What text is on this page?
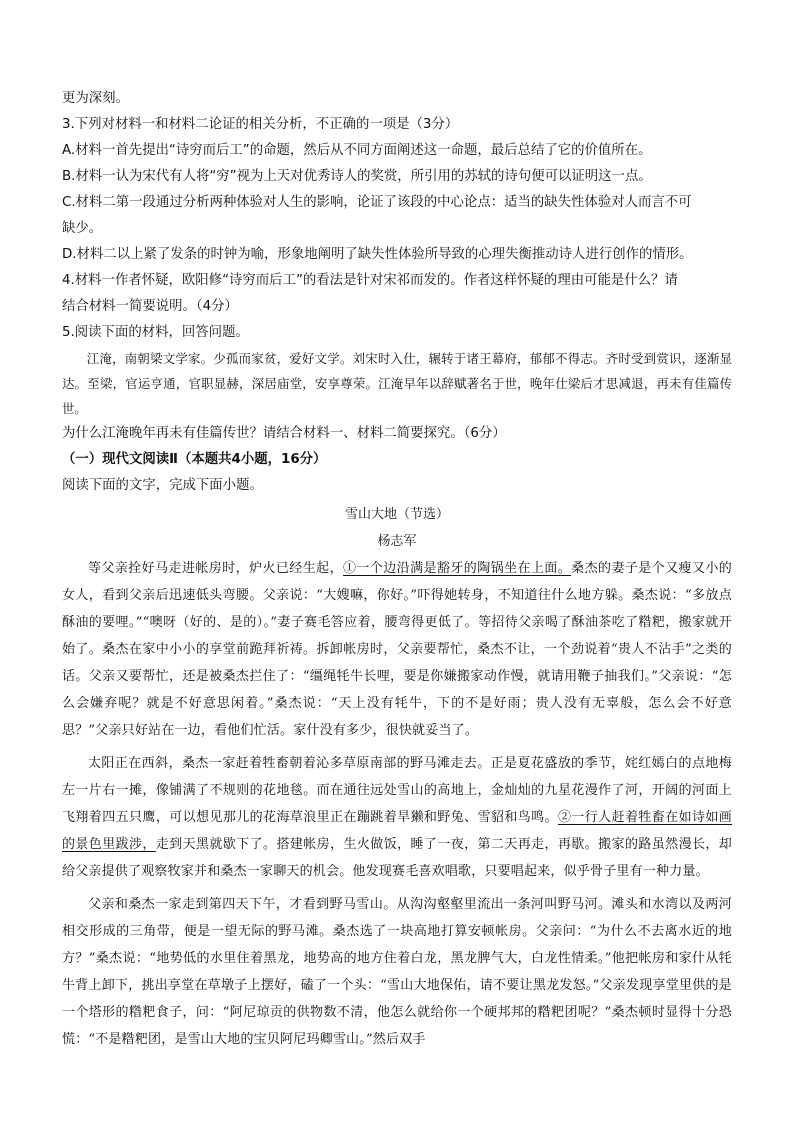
更为深刻。
3.下列对材料一和材料二论证的相关分析，不正确的一项是（3分）
A.材料一首先提出“诗穷而后工”的命题，然后从不同方面阐述这一命题，最后总结了它的价值所在。
B.材料一认为宋代有人将“穷”视为上天对优秀诗人的奖赏，所引用的苏轼的诗句便可以证明这一点。
C.材料二第一段通过分析两种体验对人生的影响，论证了该段的中心论点：适当的缺失性体验对人而言不可
缺少。
D.材料二以上紧了发条的时钟为喻，形象地阐明了缺失性体验所导致的心理失衡推动诗人进行创作的情形。
4.材料一作者怀疑，欧阳修“诗穷而后工”的看法是针对宋祁而发的。作者这样怀疑的理由可能是什么？请
结合材料一简要说明。（4分）
5.阅读下面的材料，回答问题。

江淹，南朝梁文学家。少孤而家贫，爱好文学。刘宋时入仕，辗转于诸王幕府，郁郁不得志。齐时受到赏识，逐渐显达。至梁，官运亨通，官职显赫，深居庙堂，安享尊荣。江淹早年以辞赋著名于世，晚年仕梁后才思减退，再未有佳篇传世。

为什么江淹晚年再未有佳篇传世？请结合材料一、材料二简要探究。（6分）
（一）现代文阅读Ⅱ（本题共4小题，16分）
阅读下面的文字，完成下面小题。
雪山大地（节选）
杨志军

等父亲拴好马走进帐房时，炉火已经生起，①一个边沿满是豁牙的陶锅坐在上面。桑杰的妻子是个又瘦又小的女人，看到父亲后迅速低头弯腰。父亲说：“大嫂嘛，你好。”吓得她转身，不知道往什么地方躲。桑杰说：“多放点酥油的要哩。”“噢呀（好的、是的）。”妻子赛毛答应着，腰弯得更低了。等招待父亲喝了酥油茶吃了糌粑，搬家就开始了。桑杰在家中小小的享堂前跪拜祈祷。拆卸帐房时，父亲要帮忙，桑杰不让，一个劲说着“贵人不沾手”之类的话。父亲又要帮忙，还是被桑杰拦住了：“缰绳牦牛长哩，要是你嫌搬家动作慢，就请用鞭子抽我们。”父亲说：“怎么会嫌弃呢？就是不好意思闲着。”桑杰说：“天上没有牦牛，下的不是好雨；贵人没有无辜般，怎么会不好意思？”父亲只好站在一边，看他们忙活。家什没有多少，很快就妥当了。

太阳正在西斜，桑杰一家赶着牲畜朝着沁多草原南部的野马滩走去。正是夏花盛放的季节，姹红嫣白的点地梅左一片右一摊，像铺满了不规则的花地毯。而在通往远处雪山的高地上，金灿灿的九星花漫作了河，开阔的河面上飞翔着四五只鹰，可以想见那儿的花海草浪里正在蹦跳着旱獭和野兔、雪貂和鸟鸣。②一行人赶着牲畜在如诗如画的景色里跋涉，走到天黑就歇下了。搭建帐房，生火做饭，睡了一夜，第二天再走，再歇。搬家的路虽然漫长，却给父亲提供了观察牧家并和桑杰一家聊天的机会。他发现赛毛喜欢唱歌，只要唱起来，似乎骨子里有一种力量。

父亲和桑杰一家走到第四天下午，才看到野马雪山。从沟沟壑壑里流出一条河叫野马河。滩头和水湾以及两河相交形成的三角带，便是一望无际的野马滩。桑杰选了一块高地打算安顿帐房。父亲问：“为什么不去离水近的地方？”桑杰说：“地势低的水里住着黑龙，地势高的地方住着白龙，黑龙脾气大，白龙性情柔。”他把帐房和家什从牦牛背上卸下，挑出享堂在草墩子上摆好，磕了一个头：“雪山大地保佑，请不要让黑龙发怒。”父亲发现享堂里供的是一个塔形的糌粑食子，问：“阿尼琼贡的供物数不清，他怎么就给你一个硬邦邦的糌粑团呢？”桑杰顿时显得十分恐慌：“不是糌粑团，是雪山大地的宝贝阿尼玛卿雪山。”然后双手
